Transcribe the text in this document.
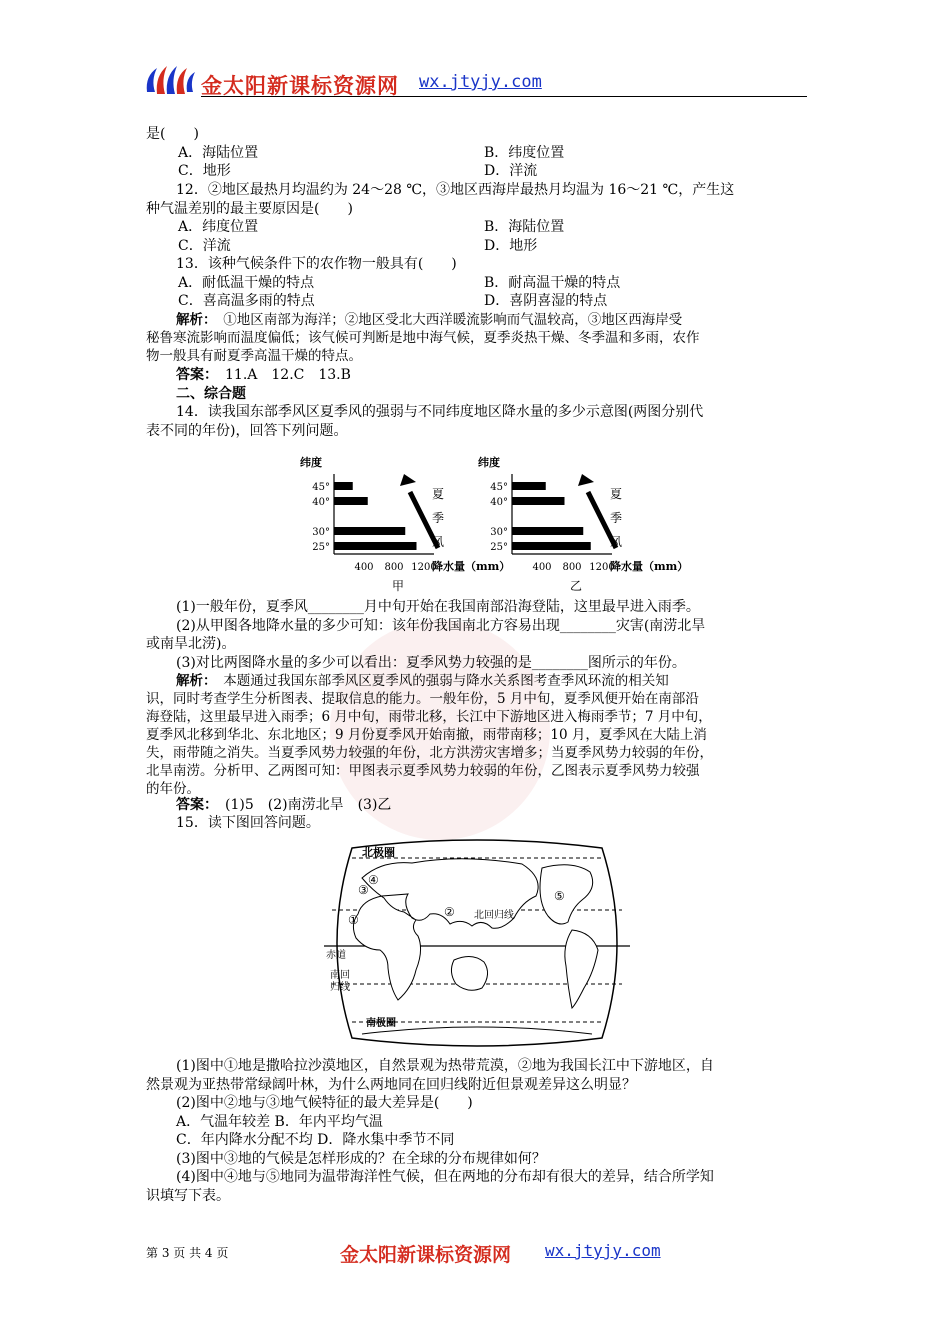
金太阳新课标资源网 wx.jtyjy.com
是(　　)
A．海陆位置	B．纬度位置
C．地形	D．洋流
12．②地区最热月均温约为 24～28 ℃，③地区西海岸最热月均温为 16～21 ℃，产生这
种气温差别的最主要原因是(　　)
A．纬度位置	B．海陆位置
C．洋流	D．地形
13．该种气候条件下的农作物一般具有(　　)
A．耐低温干燥的特点	B．耐高温干燥的特点
C．喜高温多雨的特点	D．喜阴喜湿的特点
二、综合题
14．读我国东部季风区夏季风的强弱与不同纬度地区降水量的多少示意图(两图分别代
表不同的年份)，回答下列问题。
(1)一般年份，夏季风________月中旬开始在我国南部沿海登陆，这里最早进入雨季。
(2)从甲图各地降水量的多少可知：该年份我国南北方容易出现________灾害(南涝北旱
或南旱北涝)。
(3)对比两图降水量的多少可以看出：夏季风势力较强的是________图所示的年份。
15．读下图回答问题。
(1)图中①地是撒哈拉沙漠地区，自然景观为热带荒漠，②地为我国长江中下游地区，自
然景观为亚热带常绿阔叶林，为什么两地同在回归线附近但景观差异这么明显？
(2)图中②地与③地气候特征的最大差异是(　　)
A．气温年较差 B．年内平均气温
C．年内降水分配不均 D．降水集中季节不同
(3)图中③地的气候是怎样形成的？在全球的分布规律如何？
(4)图中④地与⑤地同为温带海洋性气候，但在两地的分布却有很大的差异，结合所学知
识填写下表。
解析：　 ①地区南部为海洋；②地区受北大西洋暖流影响而气温较高，③地区西海岸受
秘鲁寒流影响而温度偏低；该气候可判断是地中海气候，夏季炎热干燥、冬季温和多雨，农作
物一般具有耐夏季高温干燥的特点。
答案：　 11.A　12.C　13.B
解析：　 本题通过我国东部季风区夏季风的强弱与降水关系图考查季风环流的相关知
识，同时考查学生分析图表、提取信息的能力。一般年份，5 月中旬，夏季风便开始在南部沿
海登陆，这里最早进入雨季；6 月中旬，雨带北移，长江中下游地区进入梅雨季节；7 月中旬，
夏季风北移到华北、东北地区；9 月份夏季风开始南撤，雨带南移；10 月，夏季风在大陆上消
失，雨带随之消失。当夏季风势力较强的年份，北方洪涝灾害增多；当夏季风势力较弱的年份，
北旱南涝。分析甲、乙两图可知：甲图表示夏季风势力较弱的年份，乙图表示夏季风势力较强
的年份。
答案：　 (1)5　(2)南涝北旱　(3)乙
纬度
45°
40°
30°
25°
400 800 1200
降水量（mm）
甲
夏
季
风
纬度
45°
40°
30°
25°
400 800 1200
降水量（mm）
乙
夏
季
风
北极圈
北回归线
赤道
南回
归线
南极圈
①
②
③
④
⑤
第 3 页 共 4 页	金太阳新课标资源网 wx.jtyjy.com
